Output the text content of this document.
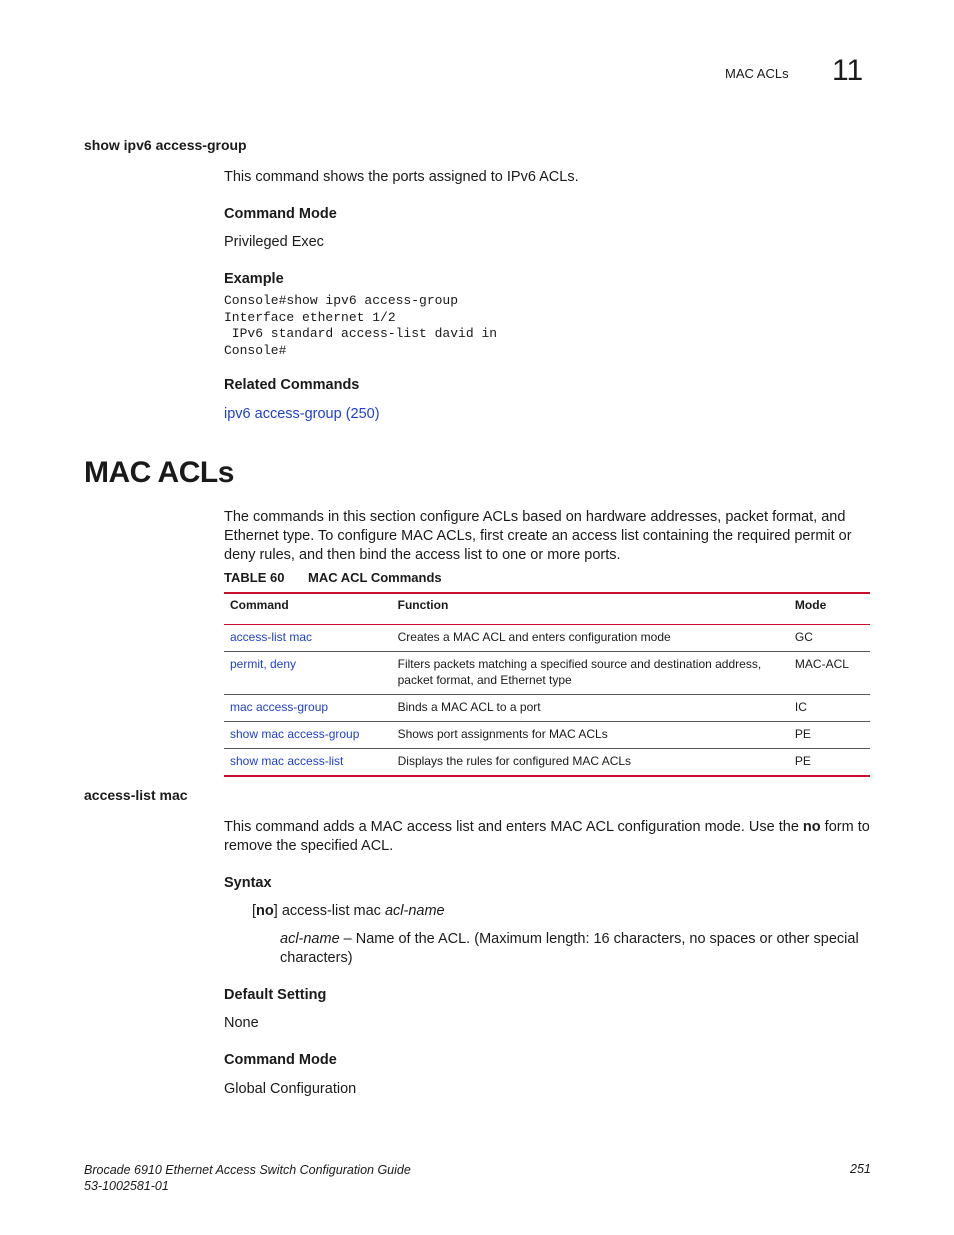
MAC ACLs 11
show ipv6 access-group
This command shows the ports assigned to IPv6 ACLs.
Command Mode
Privileged Exec
Example
Console#show ipv6 access-group
Interface ethernet 1/2
IPv6 standard access-list david in
Console#
Related Commands
ipv6 access-group (250)
MAC ACLs
The commands in this section configure ACLs based on hardware addresses, packet format, and Ethernet type. To configure MAC ACLs, first create an access list containing the required permit or deny rules, and then bind the access list to one or more ports.
TABLE 60 MAC ACL Commands
Command	Function	Mode
access-list mac	Creates a MAC ACL and enters configuration mode	GC
permit, deny	Filters packets matching a specified source and destination address, packet format, and Ethernet type	MAC-ACL
mac access-group	Binds a MAC ACL to a port	IC
show mac access-group	Shows port assignments for MAC ACLs	PE
show mac access-list	Displays the rules for configured MAC ACLs	PE
access-list mac
This command adds a MAC access list and enters MAC ACL configuration mode. Use the no form to remove the specified ACL.
Syntax
[no] access-list mac acl-name
acl-name – Name of the ACL. (Maximum length: 16 characters, no spaces or other special characters)
Default Setting
None
Command Mode
Global Configuration
Brocade 6910 Ethernet Access Switch Configuration Guide
53-1002581-01
251
